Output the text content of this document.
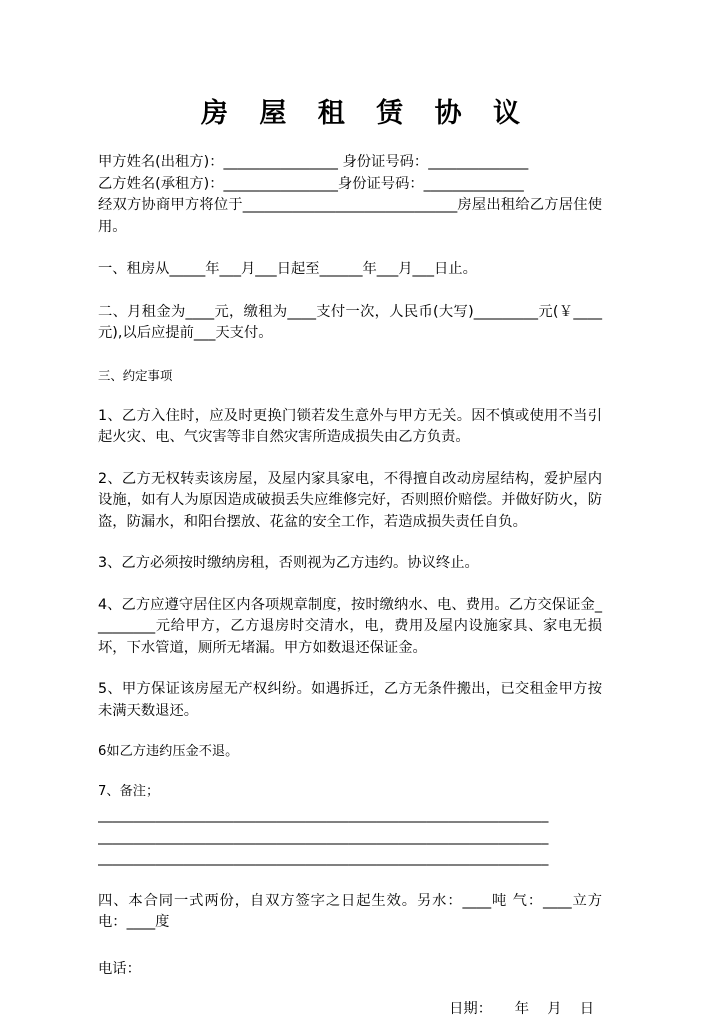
房 屋 租 赁 协 议

甲方姓名(出租方)：________________ 身份证号码：______________

乙方姓名(承租方)：________________身份证号码：______________

经双方协商甲方将位于______________________________房屋出租给乙方居住使用。

一、租房从_____年___月___日起至______年___月___日止。

二、月租金为____元，缴租为____支付一次，人民币(大写)_________元(￥____元),以后应提前___天支付。

三、约定事项

1、乙方入住时，应及时更换门锁若发生意外与甲方无关。因不慎或使用不当引起火灾、电、气灾害等非自然灾害所造成损失由乙方负责。

2、乙方无权转卖该房屋，及屋内家具家电，不得擅自改动房屋结构，爱护屋内设施，如有人为原因造成破损丢失应维修完好，否则照价赔偿。并做好防火，防盗，防漏水，和阳台摆放、花盆的安全工作，若造成损失责任自负。

3、乙方必须按时缴纳房租，否则视为乙方违约。协议终止。

4、乙方应遵守居住区内各项规章制度，按时缴纳水、电、费用。乙方交保证金_________元给甲方，乙方退房时交清水，电，费用及屋内设施家具、家电无损坏，下水管道，厕所无堵漏。甲方如数退还保证金。

5、甲方保证该房屋无产权纠纷。如遇拆迁，乙方无条件搬出，已交租金甲方按未满天数退还。

6如乙方违约压金不退。

7、备注；

_______________________________________________________________
_______________________________________________________________
_______________________________________________________________

四、本合同一式两份，自双方签字之日起生效。另水：____吨 气：____立方 电：____度

电话：

日期：     年    月    日
